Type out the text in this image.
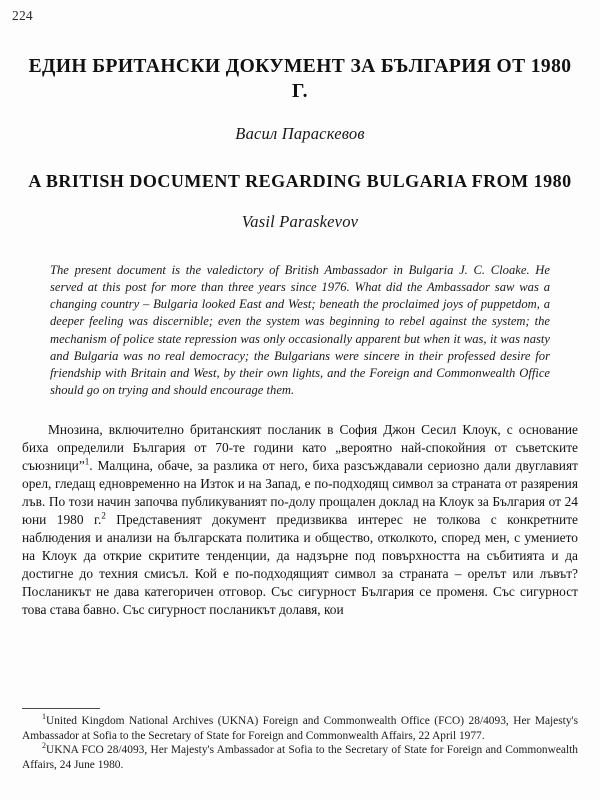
224
ЕДИН БРИТАНСКИ ДОКУМЕНТ ЗА БЪЛГАРИЯ ОТ 1980 Г.
Васил Параскевов
A BRITISH DOCUMENT REGARDING BULGARIA FROM 1980
Vasil Paraskevov

The present document is the valedictory of British Ambassador in Bulgaria J. C. Cloake. He served at this post for more than three years since 1976. What did the Ambassador saw was a changing country – Bulgaria looked East and West; beneath the proclaimed joys of puppetdom, a deeper feeling was discernible; even the system was beginning to rebel against the system; the mechanism of police state repression was only occasionally apparent but when it was, it was nasty and Bulgaria was no real democracy; the Bulgarians were sincere in their professed desire for friendship with Britain and West, by their own lights, and the Foreign and Commonwealth Office should go on trying and should encourage them.

Мнозина, включително британският посланик в София Джон Сесил Клоук, с основание биха определили България от 70-те години като „вероятно най-спокойния от съветските съюзници”$^1$. Малцина, обаче, за разлика от него, биха разсъждавали сериозно дали двуглавият орел, гледащ едновременно на Изток и на Запад, е по-подходящ символ за страната от разярения лъв. По този начин започва публикуваният по-долу прощален доклад на Клоук за България от 24 юни 1980 г.$^2$ Представеният документ предизвиква интерес не толкова с конкретните наблюдения и анализи на българската политика и общество, отколкото, според мен, с умението на Клоук да открие скритите тенденции, да надзърне под повърхността на събитията и да достигне до техния смисъл. Кой е по-подходящият символ за страната – орелът или лъвът? Посланикът не дава категоричен отговор. Със сигурност България се променя. Със сигурност това става бавно. Със сигурност посланикът долавя, кои

$^1$United Kingdom National Archives (UKNA) Foreign and Commonwealth Office (FCO) 28/4093, Her Majesty's Ambassador at Sofia to the Secretary of State for Foreign and Commonwealth Affairs, 22 April 1977.

$^2$UKNA FCO 28/4093, Her Majesty's Ambassador at Sofia to the Secretary of State for Foreign and Commonwealth Affairs, 24 June 1980.
